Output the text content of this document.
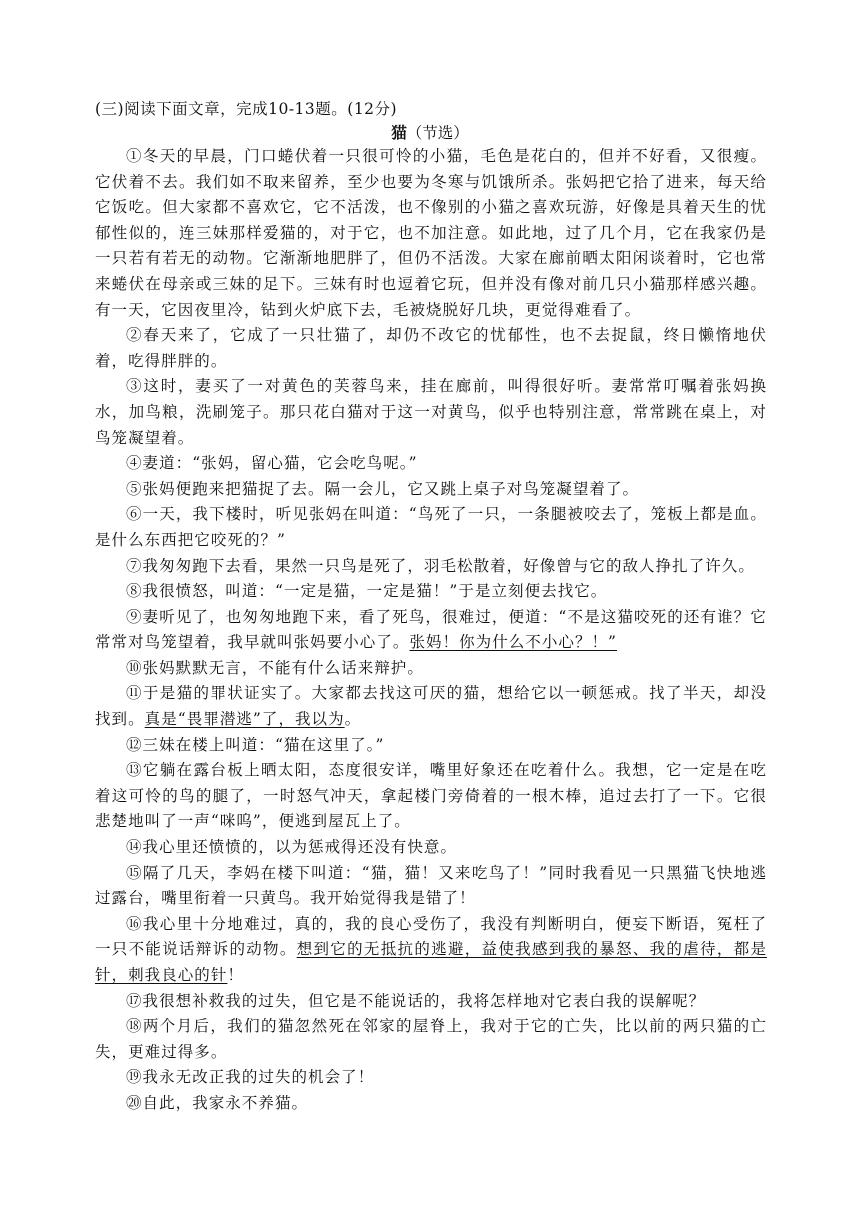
(三)阅读下面文章，完成10-13题。(12分)
猫（节选）

①冬天的早晨，门口蜷伏着一只很可怜的小猫，毛色是花白的，但并不好看，又很瘦。它伏着不去。我们如不取来留养，至少也要为冬寒与饥饿所杀。张妈把它拾了进来，每天给它饭吃。但大家都不喜欢它，它不活泼，也不像别的小猫之喜欢玩游，好像是具着天生的忧郁性似的，连三妹那样爱猫的，对于它，也不加注意。如此地，过了几个月，它在我家仍是一只若有若无的动物。它渐渐地肥胖了，但仍不活泼。大家在廊前晒太阳闲谈着时，它也常来蜷伏在母亲或三妹的足下。三妹有时也逗着它玩，但并没有像对前几只小猫那样感兴趣。有一天，它因夜里冷，钻到火炉底下去，毛被烧脱好几块，更觉得难看了。

②春天来了，它成了一只壮猫了，却仍不改它的忧郁性，也不去捉鼠，终日懒惰地伏着，吃得胖胖的。

③这时，妻买了一对黄色的芙蓉鸟来，挂在廊前，叫得很好听。妻常常叮嘱着张妈换水，加鸟粮，洗刷笼子。那只花白猫对于这一对黄鸟，似乎也特别注意，常常跳在桌上，对鸟笼凝望着。

④妻道：“张妈，留心猫，它会吃鸟呢。”

⑤张妈便跑来把猫捉了去。隔一会儿，它又跳上桌子对鸟笼凝望着了。

⑥一天，我下楼时，听见张妈在叫道：“鸟死了一只，一条腿被咬去了，笼板上都是血。是什么东西把它咬死的？”

⑦我匆匆跑下去看，果然一只鸟是死了，羽毛松散着，好像曾与它的敌人挣扎了许久。

⑧我很愤怒，叫道：“一定是猫，一定是猫！”于是立刻便去找它。

⑨妻听见了，也匆匆地跑下来，看了死鸟，很难过，便道：“不是这猫咬死的还有谁？它常常对鸟笼望着，我早就叫张妈要小心了。张妈！你为什么不小心？！”

⑩张妈默默无言，不能有什么话来辩护。

⑪于是猫的罪状证实了。大家都去找这可厌的猫，想给它以一顿惩戒。找了半天，却没找到。真是“畏罪潜逃”了，我以为。

⑫三妹在楼上叫道：“猫在这里了。”

⑬它躺在露台板上晒太阳，态度很安详，嘴里好象还在吃着什么。我想，它一定是在吃着这可怜的鸟的腿了，一时怒气冲天，拿起楼门旁倚着的一根木棒，追过去打了一下。它很悲楚地叫了一声“咪呜”，便逃到屋瓦上了。

⑭我心里还愤愤的，以为惩戒得还没有快意。

⑮隔了几天，李妈在楼下叫道：“猫，猫！又来吃鸟了！”同时我看见一只黑猫飞快地逃过露台，嘴里衔着一只黄鸟。我开始觉得我是错了！

⑯我心里十分地难过，真的，我的良心受伤了，我没有判断明白，便妄下断语，冤枉了一只不能说话辩诉的动物。想到它的无抵抗的逃避，益使我感到我的暴怒、我的虐待，都是针，刺我良心的针！

⑰我很想补救我的过失，但它是不能说话的，我将怎样地对它表白我的误解呢？

⑱两个月后，我们的猫忽然死在邻家的屋脊上，我对于它的亡失，比以前的两只猫的亡失，更难过得多。

⑲我永无改正我的过失的机会了！

⑳自此，我家永不养猫。
